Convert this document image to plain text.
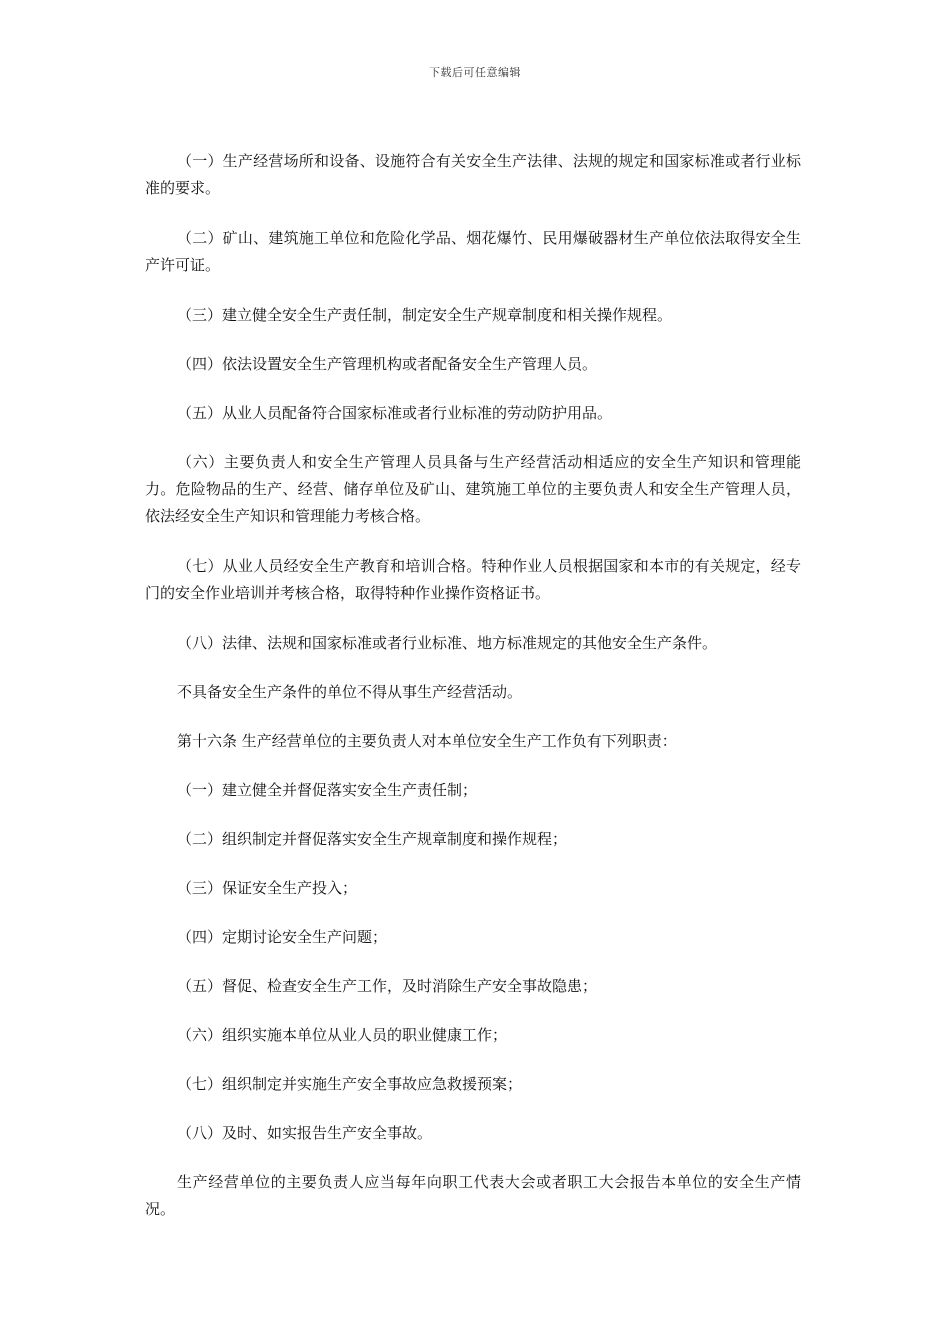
下载后可任意编辑

（一）生产经营场所和设备、设施符合有关安全生产法律、法规的规定和国家标准或者行业标准的要求。

（二）矿山、建筑施工单位和危险化学品、烟花爆竹、民用爆破器材生产单位依法取得安全生产许可证。

（三）建立健全安全生产责任制，制定安全生产规章制度和相关操作规程。

（四）依法设置安全生产管理机构或者配备安全生产管理人员。

（五）从业人员配备符合国家标准或者行业标准的劳动防护用品。

（六）主要负责人和安全生产管理人员具备与生产经营活动相适应的安全生产知识和管理能力。危险物品的生产、经营、储存单位及矿山、建筑施工单位的主要负责人和安全生产管理人员，依法经安全生产知识和管理能力考核合格。

（七）从业人员经安全生产教育和培训合格。特种作业人员根据国家和本市的有关规定，经专门的安全作业培训并考核合格，取得特种作业操作资格证书。

（八）法律、法规和国家标准或者行业标准、地方标准规定的其他安全生产条件。

不具备安全生产条件的单位不得从事生产经营活动。

第十六条 生产经营单位的主要负责人对本单位安全生产工作负有下列职责：

（一）建立健全并督促落实安全生产责任制；

（二）组织制定并督促落实安全生产规章制度和操作规程；

（三）保证安全生产投入；

（四）定期讨论安全生产问题；

（五）督促、检查安全生产工作，及时消除生产安全事故隐患；

（六）组织实施本单位从业人员的职业健康工作；

（七）组织制定并实施生产安全事故应急救援预案；

（八）及时、如实报告生产安全事故。

生产经营单位的主要负责人应当每年向职工代表大会或者职工大会报告本单位的安全生产情况。
